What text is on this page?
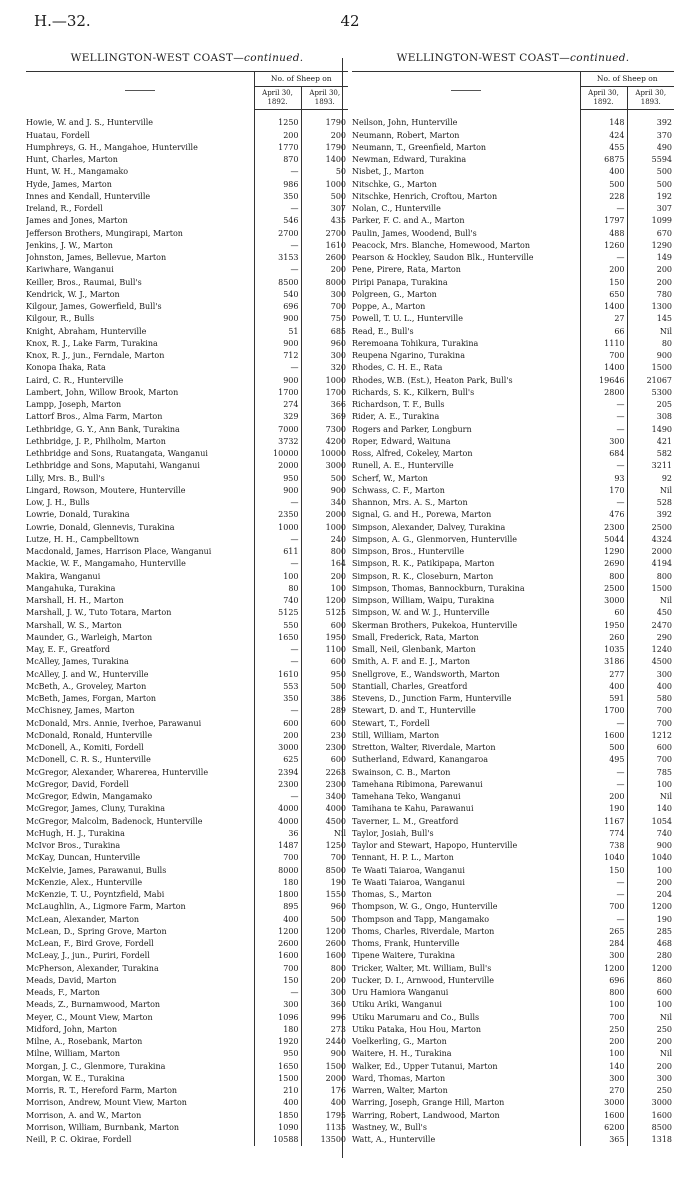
H.—32.	42
WELLINGTON-WEST COAST—continued.
	No. of Sheep on	
	April 30, 1892.	April 30, 1893.

Howie, W. and J. S., Hunterville	1250	1790
Huatau, Fordell	200	200
Humphreys, G. H., Mangahoe, Hunterville	1770	1790
Hunt, Charles, Marton	870	1400
Hunt, W. H., Mangamako	—	50
Hyde, James, Marton	986	1000
Innes and Kendall, Hunterville	350	500
Ireland, R., Fordell	—	307
James and Jones, Marton	546	435
Jefferson Brothers, Mungirapi, Marton	2700	2700
Jenkins, J. W., Marton	—	1610
Johnston, James, Bellevue, Marton	3153	2600
Kariwhare, Wanganui	—	200
Keiller, Bros., Raumai, Bull's	8500	8000
Kendrick, W. J., Marton	540	300
Kilgour, James, Gowerfield, Bull's	696	700
Kilgour, R., Bulls	900	750
Knight, Abraham, Hunterville	51	685
Knox, R. J., Lake Farm, Turakina	900	960
Knox, R. J., jun., Ferndale, Marton	712	300
Konopa Ihaka, Rata	—	320
Laird, C. R., Hunterville	900	1000
Lambert, John, Willow Brook, Marton	1700	1700
Lampp, Joseph, Marton	274	366
Lattorf Bros., Alma Farm, Marton	329	369
Lethbridge, G. Y., Ann Bank, Turakina	7000	7300
Lethbridge, J. P., Philholm, Marton	3732	4200
Lethbridge and Sons, Ruatangata, Wanganui	10000	10000
Lethbridge and Sons, Maputahi, Wanganui	2000	3000
Lilly, Mrs. B., Bull's	950	500
Lingard, Rowson, Moutere, Hunterville	900	900
Low, J. H., Bulls	—	340
Lowrie, Donald, Turakina	2350	2000
Lowrie, Donald, Glennevis, Turakina	1000	1000
Lutze, H. H., Campbelltown	—	240
Macdonald, James, Harrison Place, Wanganui	611	800
Mackie, W. F., Mangamaho, Hunterville	—	164
Makira, Wanganui	100	200
Mangahuka, Turakina	80	100
Marshall, H. H., Marton	740	1200
Marshall, J. W., Tuto Totara, Marton	5125	5125
Marshall, W. S., Marton	550	600
Maunder, G., Warleigh, Marton	1650	1950
May, E. F., Greatford	—	1100
McAlley, James, Turakina	—	600
McAlley, J. and W., Hunterville	1610	950
McBeth, A., Groveley, Marton	553	500
McBeth, James, Forgan, Marton	350	386
McChisney, James, Marton	—	289
McDonald, Mrs. Annie, Iverhoe, Parawanui	600	600
McDonald, Ronald, Hunterville	200	230
McDonell, A., Komiti, Fordell	3000	2300
McDonell, C. R. S., Hunterville	625	600
McGregor, Alexander, Wharerea, Hunterville	2394	2263
McGregor, David, Fordell	2300	2300
McGregor, Edwin, Mangamako	—	3400
McGregor, James, Cluny, Turakina	4000	4000
McGregor, Malcolm, Badenock, Hunterville	4000	4500
McHugh, H. J., Turakina	36	Nil
McIvor Bros., Turakina	1487	1250
McKay, Duncan, Hunterville	700	700
McKelvie, James, Parawanui, Bulls	8000	8500
McKenzie, Alex., Hunterville	180	190
McKenzie, T. U., Poyntzfield, Mabi	1800	1550
McLaughlin, A., Ligmore Farm, Marton	895	960
McLean, Alexander, Marton	400	500
McLean, D., Spring Grove, Marton	1200	1200
McLean, F., Bird Grove, Fordell	2600	2600
McLeay, J., jun., Puriri, Fordell	1600	1600
McPherson, Alexander, Turakina	700	800
Meads, David, Marton	150	200
Meads, F., Marton	—	300
Meads, Z., Burnamwood, Marton	300	360
Meyer, C., Mount View, Marton	1096	996
Midford, John, Marton	180	273
Milne, A., Rosebank, Marton	1920	2440
Milne, William, Marton	950	900
Morgan, J. C., Glenmore, Turakina	1650	1500
Morgan, W. E., Turakina	1500	2000
Morris, R. T., Hereford Farm, Marton	210	176
Morrison, Andrew, Mount View, Marton	400	400
Morrison, A. and W., Marton	1850	1795
Morrison, William, Burnbank, Marton	1090	1135
Neill, P. C. Okirae, Fordell	10588	13500
WELLINGTON-WEST COAST—continued.
	No. of Sheep on	
	April 30, 1892.	April 30, 1893.

Neilson, John, Hunterville	148	392
Neumann, Robert, Marton	424	370
Neumann, T., Greenfield, Marton	455	490
Newman, Edward, Turakina	6875	5594
Nisbet, J., Marton	400	500
Nitschke, G., Marton	500	500
Nitschke, Henrich, Croftou, Marton	228	192
Nolan, C., Hunterville	—	307
Parker, F. C. and A., Marton	1797	1099
Paulin, James, Woodend, Bull's	488	670
Peacock, Mrs. Blanche, Homewood, Marton	1260	1290
Pearson & Hockley, Saudon Blk., Hunterville	—	149
Pene, Pirere, Rata, Marton	200	200
Piripi Panapa, Turakina	150	200
Polgreen, G., Marton	650	780
Poppe, A., Marton	1400	1300
Powell, T. U. L., Hunterville	27	145
Read, E., Bull's	66	Nil
Reremoana Tohikura, Turakina	1110	80
Reupena Ngarino, Turakina	700	900
Rhodes, C. H. E., Rata	1400	1500
Rhodes, W.B. (Est.), Heaton Park, Bull's	19646	21067
Richards, S. K., Kilkern, Bull's	2800	5300
Richardson, T. F., Bulls	—	205
Rider, A. E., Turakina	—	308
Rogers and Parker, Longburn	—	1490
Roper, Edward, Waituna	300	421
Ross, Alfred, Cokeley, Marton	684	582
Runell, A. E., Hunterville	—	3211
Scherf, W., Marton	93	92
Schwass, C. F., Marton	170	Nil
Shannon, Mrs. A. S., Marton	—	528
Signal, G. and H., Porewa, Marton	476	392
Simpson, Alexander, Dalvey, Turakina	2300	2500
Simpson, A. G., Glenmorven, Hunterville	5044	4324
Simpson, Bros., Hunterville	1290	2000
Simpson, R. K., Patikipapa, Marton	2690	4194
Simpson, R. K., Closeburn, Marton	800	800
Simpson, Thomas, Bannockburn, Turakina	2500	1500
Simpson, William, Waipu, Turakina	3000	Nil
Simpson, W. and W. J., Hunterville	60	450
Skerman Brothers, Pukekoa, Hunterville	1950	2470
Small, Frederick, Rata, Marton	260	290
Small, Neil, Glenbank, Marton	1035	1240
Smith, A. F. and E. J., Marton	3186	4500
Snellgrove, E., Wandsworth, Marton	277	300
Stantiall, Charles, Greatford	400	400
Stevens, D., Junction Farm, Hunterville	591	580
Stewart, D. and T., Hunterville	1700	700
Stewart, T., Fordell	—	700
Still, William, Marton	1600	1212
Stretton, Walter, Riverdale, Marton	500	600
Sutherland, Edward, Kanangaroa	495	700
Swainson, C. B., Marton	—	785
Tamehana Ribimona, Parewanui	—	100
Tamehana Teko, Wanganui	200	Nil
Tamihana te Kahu, Parawanui	190	140
Taverner, L. M., Greatford	1167	1054
Taylor, Josiah, Bull's	774	740
Taylor and Stewart, Hapopo, Hunterville	738	900
Tennant, H. P. L., Marton	1040	1040
Te Waati Taiaroa, Wanganui	150	100
Te Waati Taiaroa, Wanganui	—	200
Thomas, S., Marton	—	204
Thompson, W. G., Ongo, Hunterville	700	1200
Thompson and Tapp, Mangamako	—	190
Thoms, Charles, Riverdale, Marton	265	285
Thoms, Frank, Hunterville	284	468
Tipene Waitere, Turakina	300	280
Tricker, Walter, Mt. William, Bull's	1200	1200
Tucker, D. I., Arnwood, Hunterville	696	860
Uru Hamiora Wanganui	800	600
Utiku Ariki, Wanganui	100	100
Utiku Marumaru and Co., Bulls	700	Nil
Utiku Pataka, Hou Hou, Marton	250	250
Voelkerling, G., Marton	200	200
Waitere, H. H., Turakina	100	Nil
Walker, Ed., Upper Tutanui, Marton	140	200
Ward, Thomas, Marton	300	300
Warren, Walter, Marton	270	250
Warring, Joseph, Grange Hill, Marton	3000	3000
Warring, Robert, Landwood, Marton	1600	1600
Wastney, W., Bull's	6200	8500
Watt, A., Hunterville	365	1318
